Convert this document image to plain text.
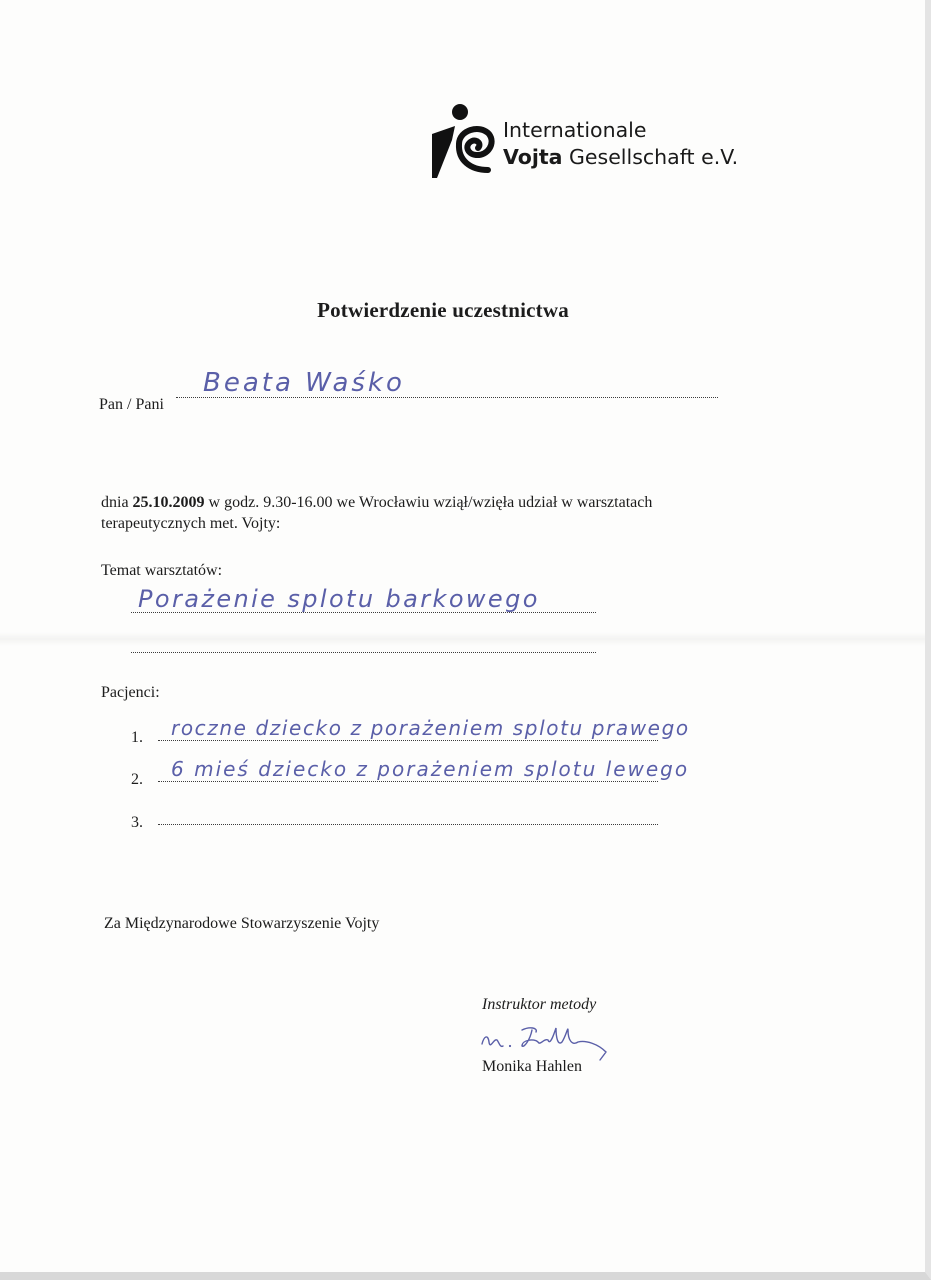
Internationale
Vojta Gesellschaft e.V.
Potwierdzenie uczestnictwa
Pan / Pani
Beata Waśko
dnia 25.10.2009 w godz. 9.30-16.00 we Wrocławiu wziął/wzięła udział w warsztatach terapeutycznych met. Vojty:
Temat warsztatów:
Porażenie splotu barkowego
Pacjenci:
1. roczne dziecko z porażeniem splotu prawego
2. 6 mieś dziecko z porażeniem splotu lewego
3.
Za Międzynarodowe Stowarzyszenie Vojty
Instruktor metody
Monika Hahlen
